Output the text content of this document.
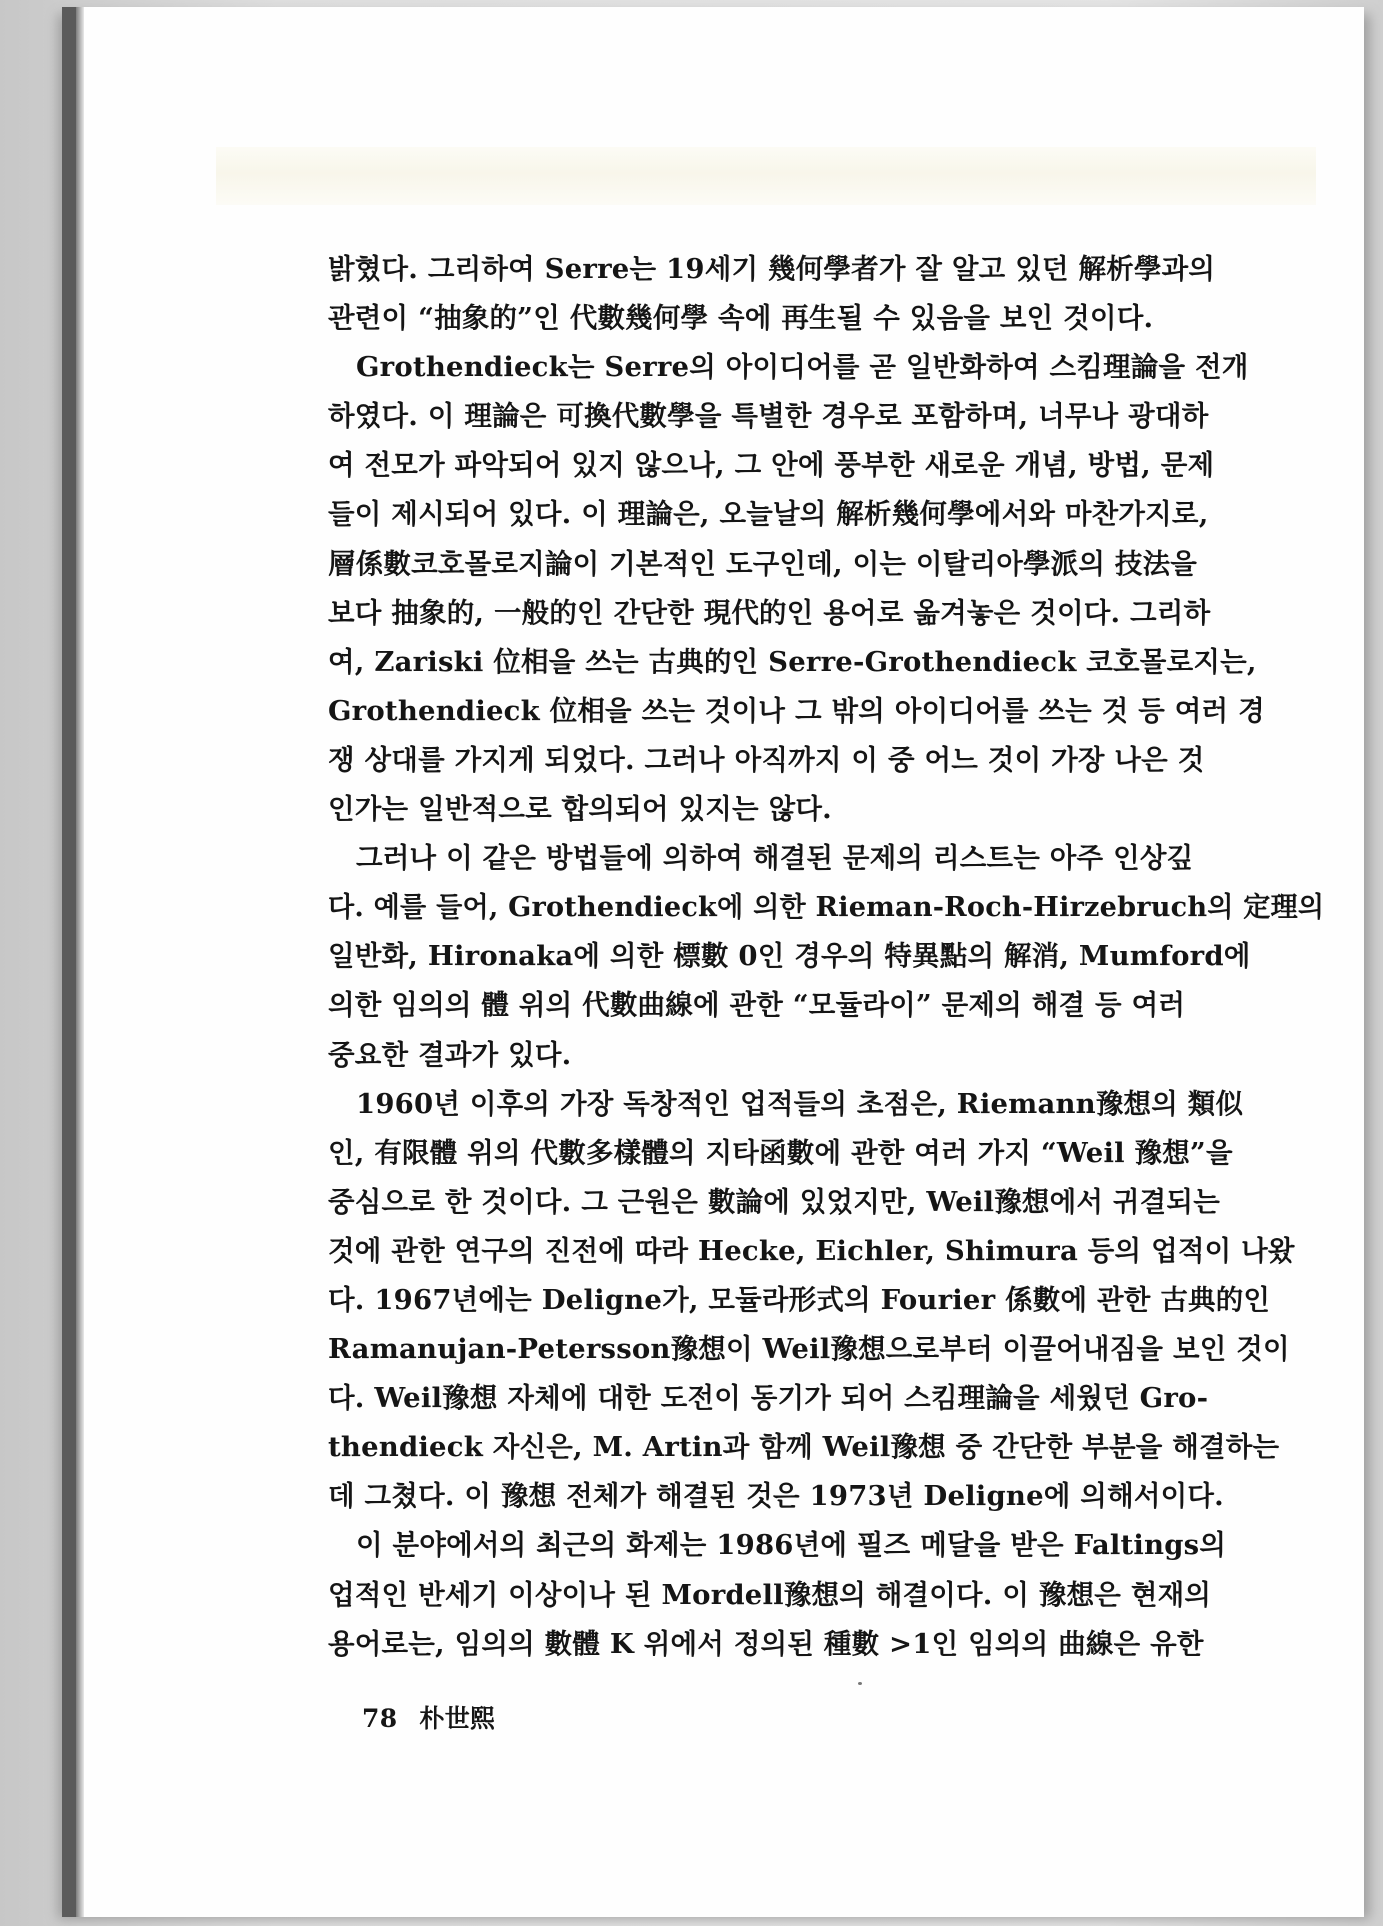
밝혔다. 그리하여 Serre는 19세기 幾何學者가 잘 알고 있던 解析學과의

관련이 “抽象的”인 代數幾何學 속에 再生될 수 있음을 보인 것이다.

Grothendieck는 Serre의 아이디어를 곧 일반화하여 스킴理論을 전개

하였다. 이 理論은 可換代數學을 특별한 경우로 포함하며, 너무나 광대하

여 전모가 파악되어 있지 않으나, 그 안에 풍부한 새로운 개념, 방법, 문제

들이 제시되어 있다. 이 理論은, 오늘날의 解析幾何學에서와 마찬가지로,

層係數코호몰로지論이 기본적인 도구인데, 이는 이탈리아學派의 技法을

보다 抽象的, 一般的인 간단한 現代的인 용어로 옮겨놓은 것이다. 그리하

여, Zariski 位相을 쓰는 古典的인 Serre-Grothendieck 코호몰로지는,

Grothendieck 位相을 쓰는 것이나 그 밖의 아이디어를 쓰는 것 등 여러 경

쟁 상대를 가지게 되었다. 그러나 아직까지 이 중 어느 것이 가장 나은 것

인가는 일반적으로 합의되어 있지는 않다.

그러나 이 같은 방법들에 의하여 해결된 문제의 리스트는 아주 인상깊

다. 예를 들어, Grothendieck에 의한 Rieman-Roch-Hirzebruch의 定理의

일반화, Hironaka에 의한 標數 0인 경우의 特異點의 解消, Mumford에

의한 임의의 體 위의 代數曲線에 관한 “모듈라이” 문제의 해결 등 여러

중요한 결과가 있다.

1960년 이후의 가장 독창적인 업적들의 초점은, Riemann豫想의 類似

인, 有限體 위의 代數多樣體의 지타函數에 관한 여러 가지 “Weil 豫想”을

중심으로 한 것이다. 그 근원은 數論에 있었지만, Weil豫想에서 귀결되는

것에 관한 연구의 진전에 따라 Hecke, Eichler, Shimura 등의 업적이 나왔

다. 1967년에는 Deligne가, 모듈라形式의 Fourier 係數에 관한 古典的인

Ramanujan-Petersson豫想이 Weil豫想으로부터 이끌어내짐을 보인 것이

다. Weil豫想 자체에 대한 도전이 동기가 되어 스킴理論을 세웠던 Gro-

thendieck 자신은, M. Artin과 함께 Weil豫想 중 간단한 부분을 해결하는

데 그쳤다. 이 豫想 전체가 해결된 것은 1973년 Deligne에 의해서이다.

이 분야에서의 최근의 화제는 1986년에 필즈 메달을 받은 Faltings의

업적인 반세기 이상이나 된 Mordell豫想의 해결이다. 이 豫想은 현재의

용어로는, 임의의 數體 K 위에서 정의된 種數 >1인 임의의 曲線은 유한

78 朴世熙
